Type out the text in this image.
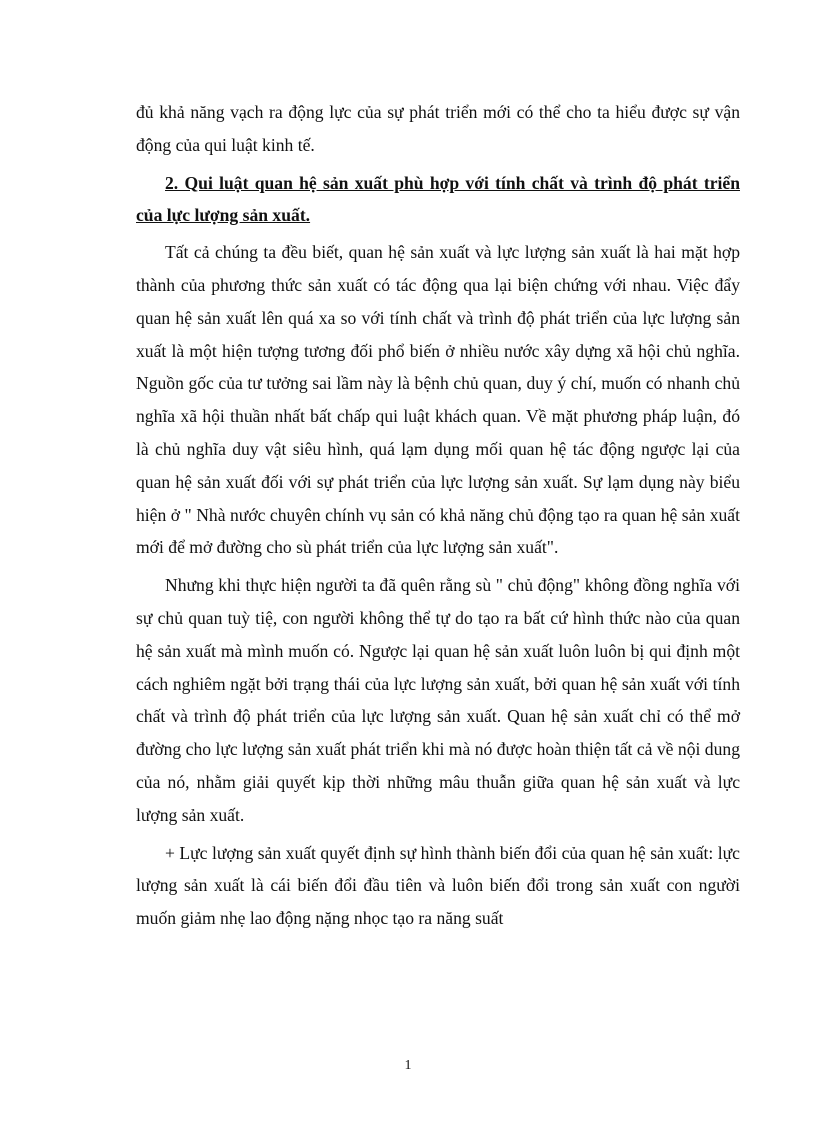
đủ khả năng vạch ra động lực của sự phát triển mới có thể cho ta hiểu được sự vận động của qui luật kinh tế.

2. Qui luật quan hệ sản xuất phù hợp với tính chất và trình độ phát triển của lực lượng sản xuất.

Tất cả chúng ta đều biết, quan hệ sản xuất và lực lượng sản xuất là hai mặt hợp thành của phương thức sản xuất có tác động qua lại biện chứng với nhau. Việc đẩy quan hệ sản xuất lên quá xa so với tính chất và trình độ phát triển của lực lượng sản xuất là một hiện tượng tương đối phổ biến ở nhiều nước xây dựng xã hội chủ nghĩa. Nguồn gốc của tư tưởng sai lầm này là bệnh chủ quan, duy ý chí, muốn có nhanh chủ nghĩa xã hội thuần nhất bất chấp qui luật khách quan. Về mặt phương pháp luận, đó là chủ nghĩa duy vật siêu hình, quá lạm dụng mối quan hệ tác động ngược lại của quan hệ sản xuất đối với sự phát triển của lực lượng sản xuất. Sự lạm dụng này biểu hiện ở " Nhà nước chuyên chính vụ sản có khả năng chủ động tạo ra quan hệ sản xuất mới để mở đường cho sù phát triển của lực lượng sản xuất".

Nhưng khi thực hiện người ta đã quên rằng sù " chủ động" không đồng nghĩa với sự chủ quan tuỳ tiệ, con người không thể tự do tạo ra bất cứ hình thức nào của quan hệ sản xuất mà mình muốn có. Ngược lại quan hệ sản xuất luôn luôn bị qui định một cách nghiêm ngặt bởi trạng thái của lực lượng sản xuất, bởi quan hệ sản xuất với tính chất và trình độ phát triển của lực lượng sản xuất. Quan hệ sản xuất chỉ có thể mở đường cho lực lượng sản xuất phát triển khi mà nó được hoàn thiện tất cả về nội dung của nó, nhằm giải quyết kịp thời những mâu thuẫn giữa quan hệ sản xuất và lực lượng sản xuất.

+ Lực lượng sản xuất quyết định sự hình thành biến đổi của quan hệ sản xuất: lực lượng sản xuất là cái biến đổi đầu tiên và luôn biến đổi trong sản xuất con người muốn giảm nhẹ lao động nặng nhọc tạo ra năng suất

1
